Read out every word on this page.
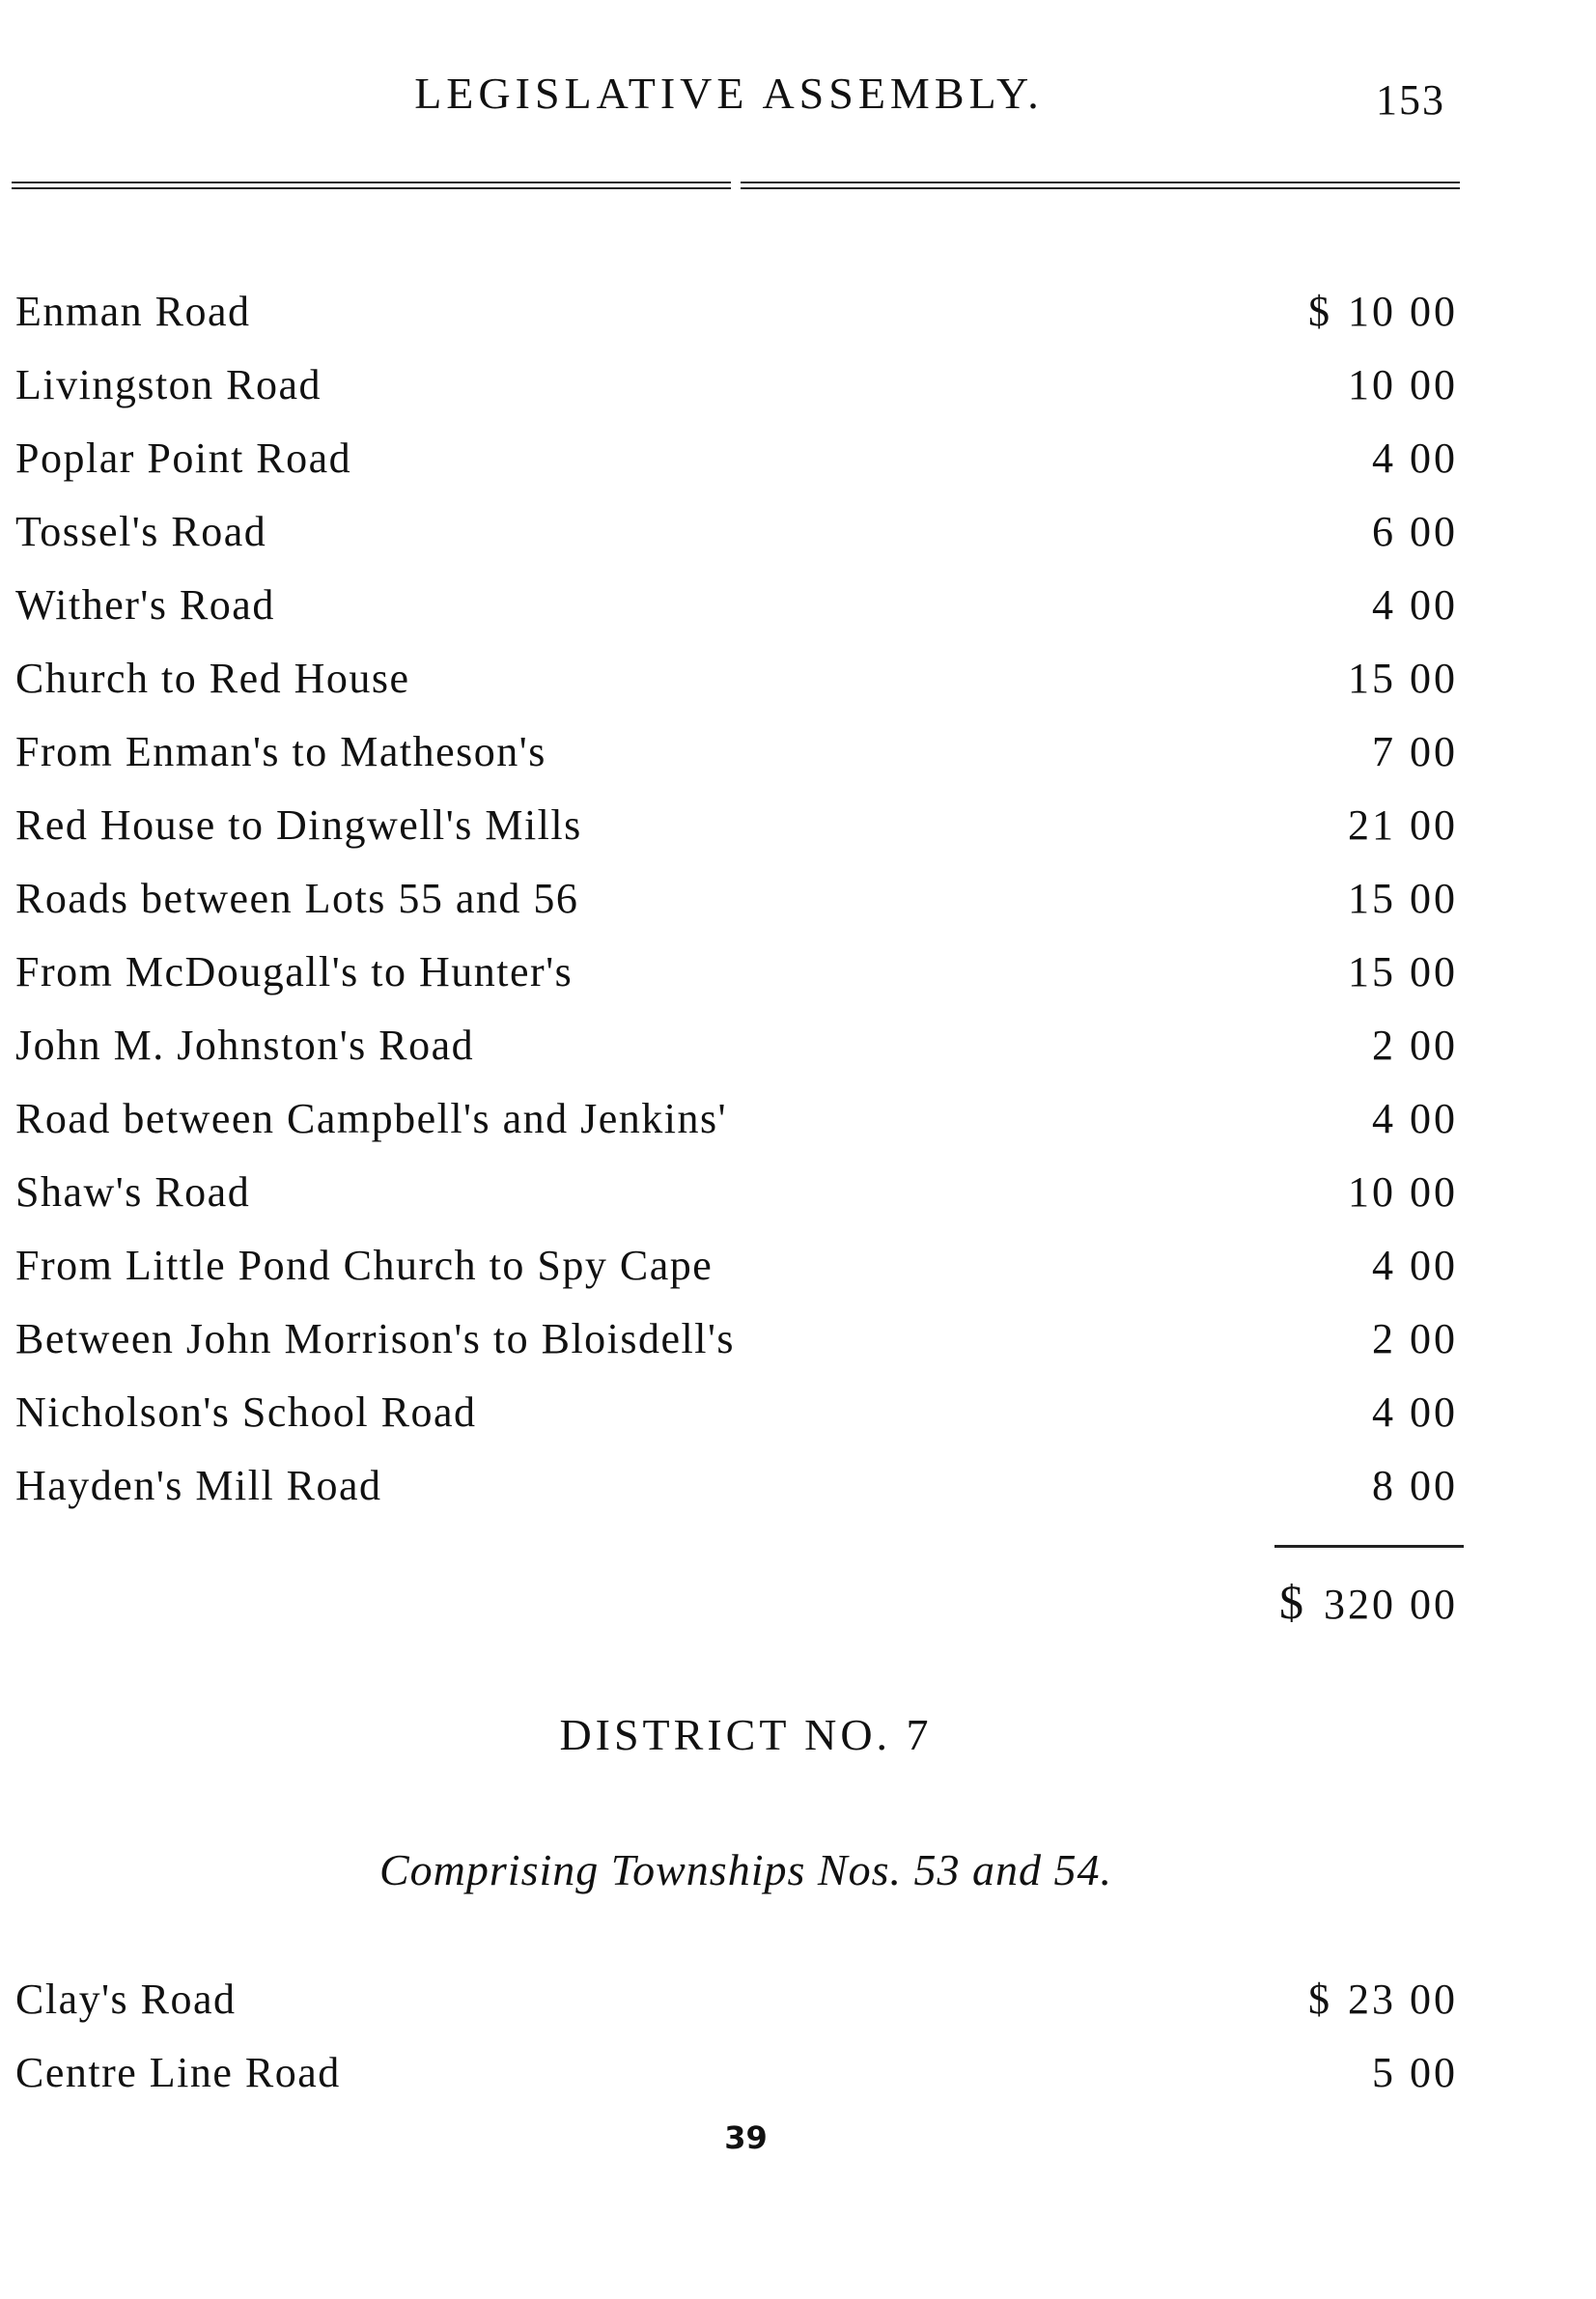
LEGISLATIVE ASSEMBLY.	153
Enman Road	$ 10 00
Livingston Road	10 00
Poplar Point Road	4 00
Tossel's Road	6 00
Wither's Road	4 00
Church to Red House	15 00
From Enman's to Matheson's	7 00
Red House to Dingwell's Mills	21 00
Roads between Lots 55 and 56	15 00
From McDougall's to Hunter's	15 00
John M. Johnston's Road	2 00
Road between Campbell's and Jenkins'	4 00
Shaw's Road	10 00
From Little Pond Church to Spy Cape	4 00
Between John Morrison's to Bloisdell's	2 00
Nicholson's School Road	4 00
Hayden's Mill Road	8 00
$ 320 00
DISTRICT NO. 7
Comprising Townships Nos. 53 and 54.
Clay's Road	$ 23 00
Centre Line Road	5 00
39
